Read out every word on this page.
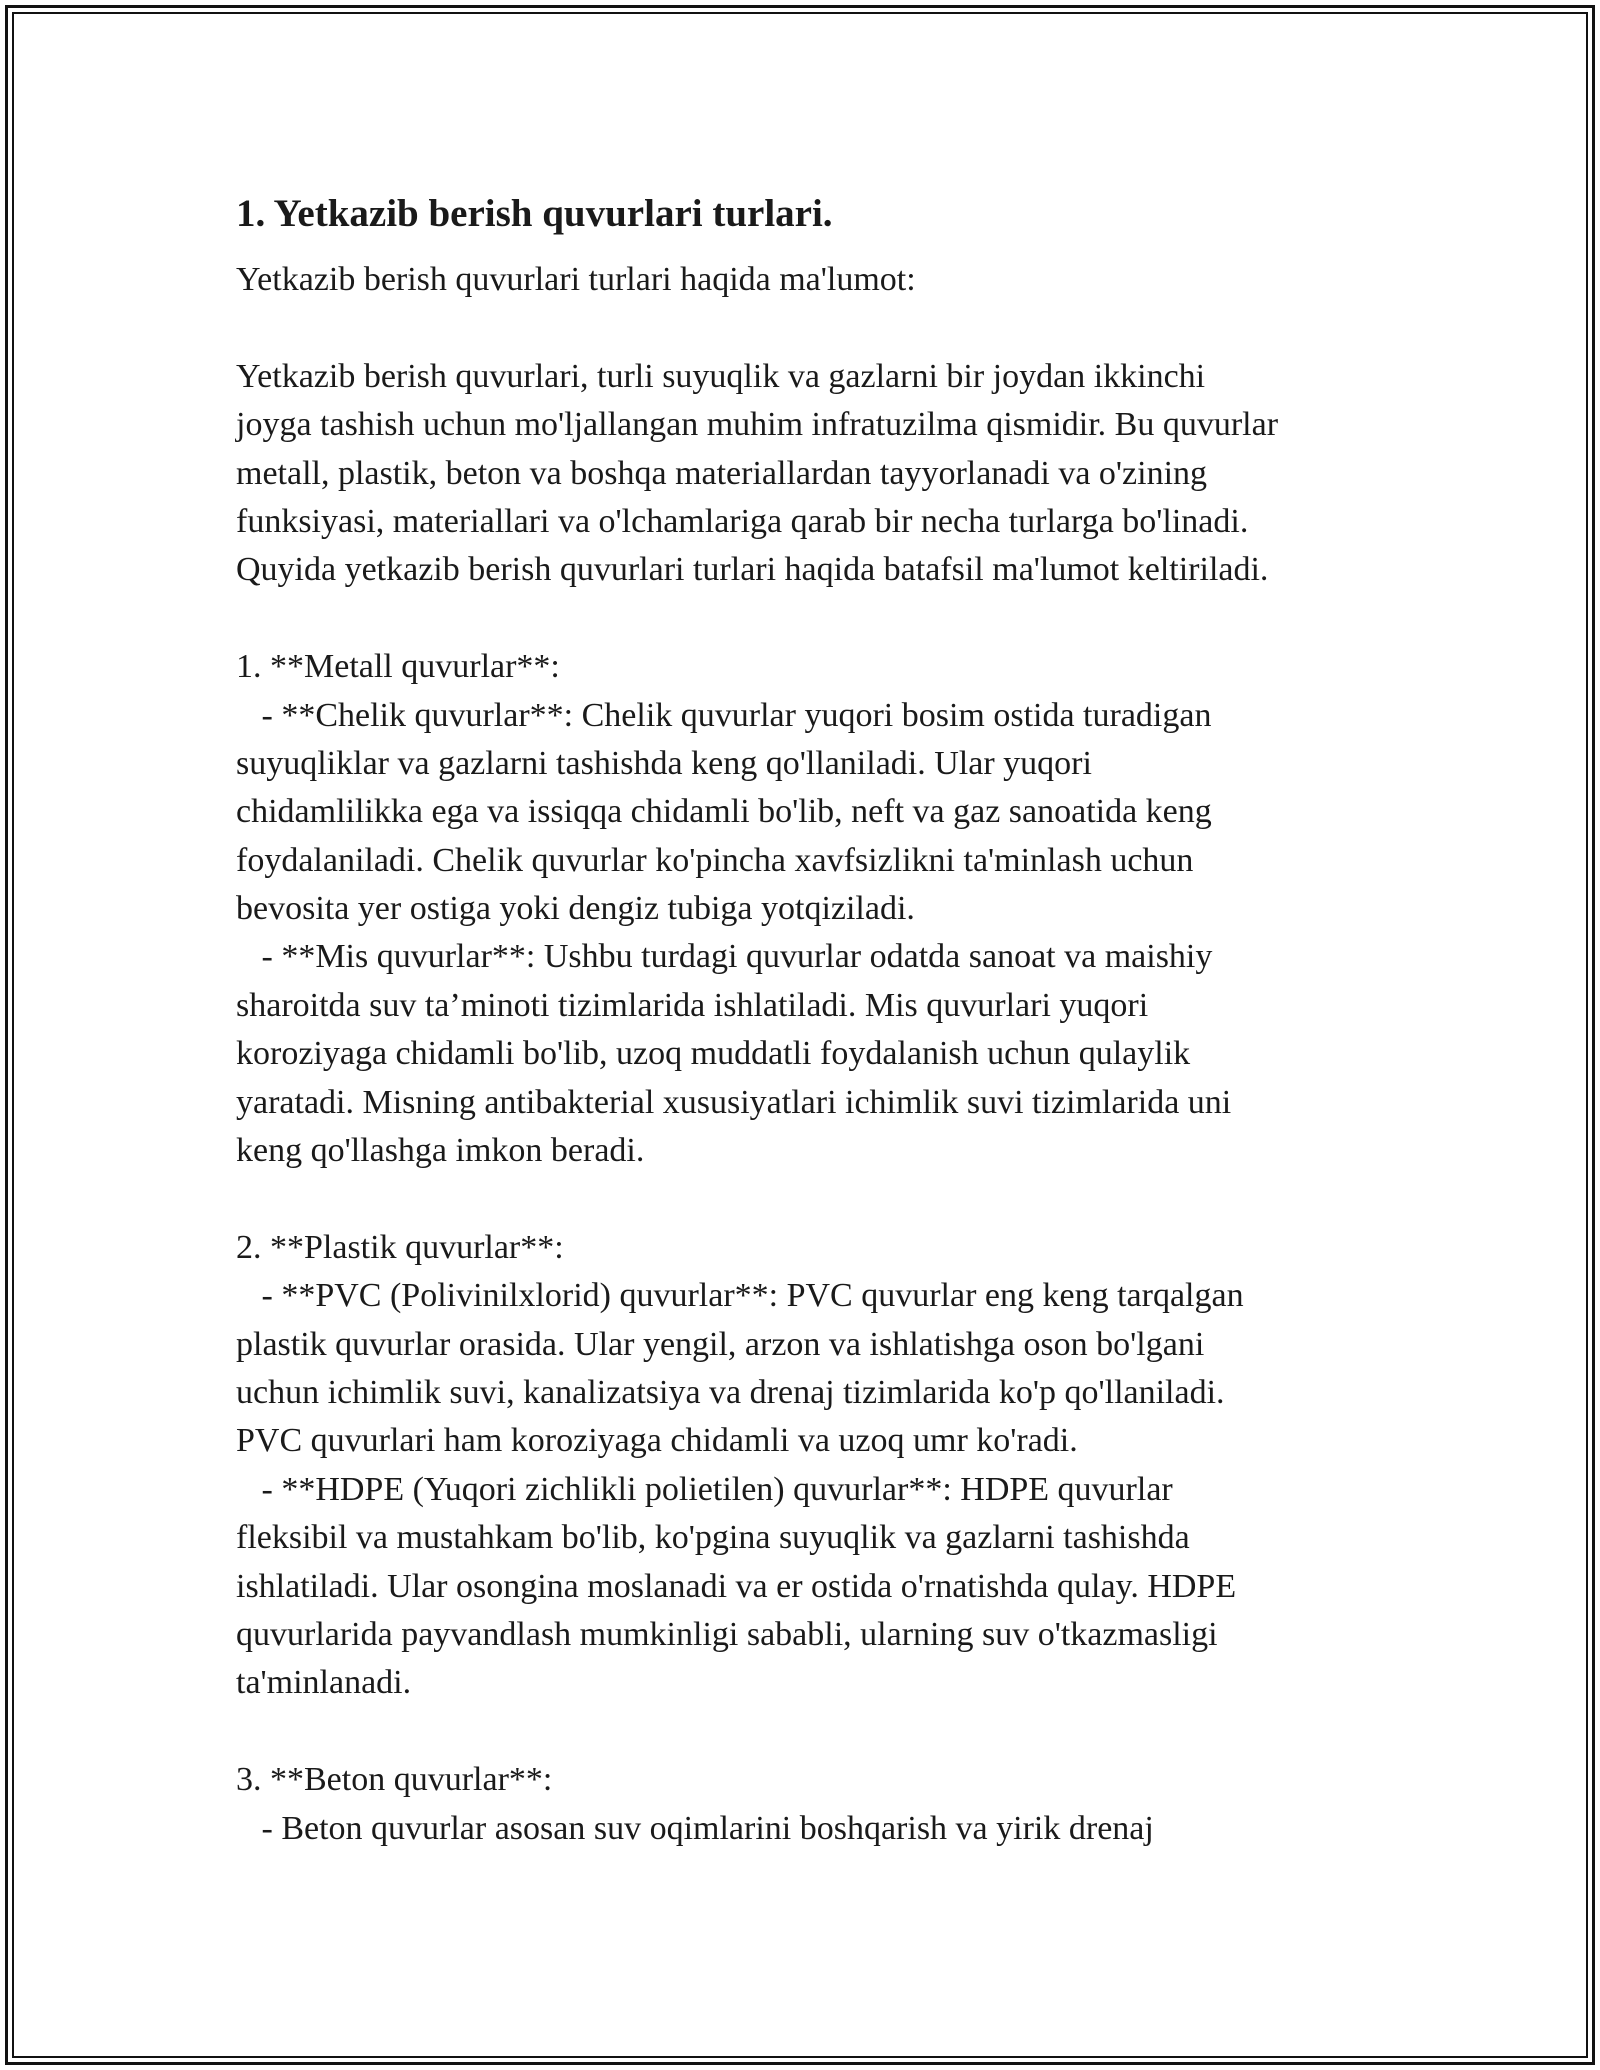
1. Yetkazib berish quvurlari turlari.
Yetkazib berish quvurlari turlari haqida ma'lumot:
Yetkazib berish quvurlari, turli suyuqlik va gazlarni bir joydan ikkinchi
joyga tashish uchun mo'ljallangan muhim infratuzilma qismidir. Bu quvurlar
metall, plastik, beton va boshqa materiallardan tayyorlanadi va o'zining
funksiyasi, materiallari va o'lchamlariga qarab bir necha turlarga bo'linadi.
Quyida yetkazib berish quvurlari turlari haqida batafsil ma'lumot keltiriladi.
1. **Metall quvurlar**:
- **Chelik quvurlar**: Chelik quvurlar yuqori bosim ostida turadigan
suyuqliklar va gazlarni tashishda keng qo'llaniladi. Ular yuqori
chidamlilikka ega va issiqqa chidamli bo'lib, neft va gaz sanoatida keng
foydalaniladi. Chelik quvurlar ko'pincha xavfsizlikni ta'minlash uchun
bevosita yer ostiga yoki dengiz tubiga yotqiziladi.
- **Mis quvurlar**: Ushbu turdagi quvurlar odatda sanoat va maishiy
sharoitda suv ta’minoti tizimlarida ishlatiladi. Mis quvurlari yuqori
koroziyaga chidamli bo'lib, uzoq muddatli foydalanish uchun qulaylik
yaratadi. Misning antibakterial xususiyatlari ichimlik suvi tizimlarida uni
keng qo'llashga imkon beradi.
2. **Plastik quvurlar**:
- **PVC (Polivinilxlorid) quvurlar**: PVC quvurlar eng keng tarqalgan
plastik quvurlar orasida. Ular yengil, arzon va ishlatishga oson bo'lgani
uchun ichimlik suvi, kanalizatsiya va drenaj tizimlarida ko'p qo'llaniladi.
PVC quvurlari ham koroziyaga chidamli va uzoq umr ko'radi.
- **HDPE (Yuqori zichlikli polietilen) quvurlar**: HDPE quvurlar
fleksibil va mustahkam bo'lib, ko'pgina suyuqlik va gazlarni tashishda
ishlatiladi. Ular osongina moslanadi va er ostida o'rnatishda qulay. HDPE
quvurlarida payvandlash mumkinligi sababli, ularning suv o'tkazmasligi
ta'minlanadi.
3. **Beton quvurlar**:
- Beton quvurlar asosan suv oqimlarini boshqarish va yirik drenaj
